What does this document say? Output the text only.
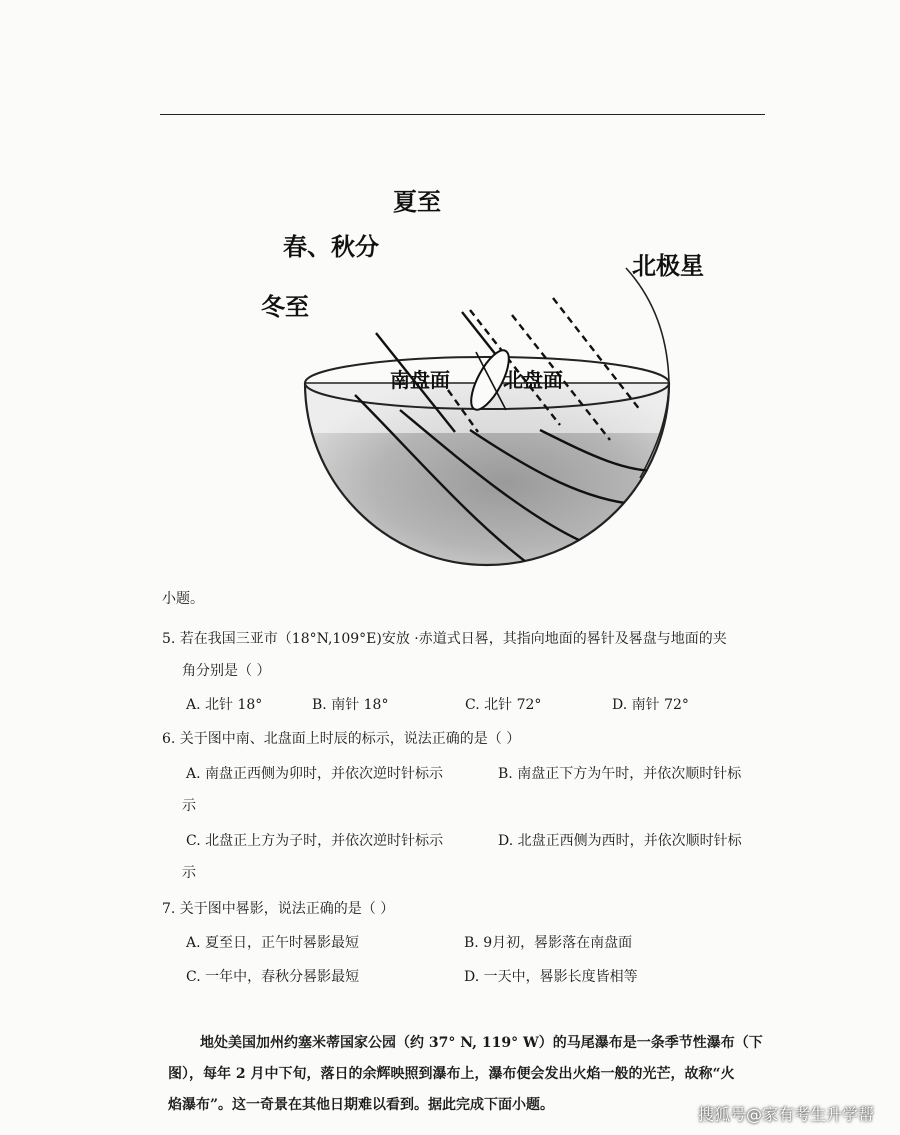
夏至
春、秋分
冬至
北极星
南盘面	北盘面
小题。
5. 若在我国三亚市（18°N,109°E)安放 ·赤道式日晷，其指向地面的晷针及晷盘与地面的夹
角分别是（ ）
A. 北针 18°	B. 南针 18°	C. 北针 72°	D. 南针 72°
6. 关于图中南、北盘面上时辰的标示，说法正确的是（ ）
A. 南盘正西侧为卯时，并依次逆时针标示	B. 南盘正下方为午时，并依次顺时针标
示
C. 北盘正上方为子时，并依次逆时针标示	D. 北盘正西侧为西时，并依次顺时针标
示
7. 关于图中晷影，说法正确的是（ ）
A. 夏至日，正午时晷影最短	B. 9月初，晷影落在南盘面
C. 一年中，春秋分晷影最短	D. 一天中，晷影长度皆相等
地处美国加州约塞米蒂国家公园（约 37° N, 119° W）的马尾瀑布是一条季节性瀑布（下
图），每年 2 月中下旬，落日的余辉映照到瀑布上，瀑布便会发出火焰一般的光芒，故称“火
焰瀑布”。这一奇景在其他日期难以看到。据此完成下面小题。	搜狐号@家有考生升学帮
